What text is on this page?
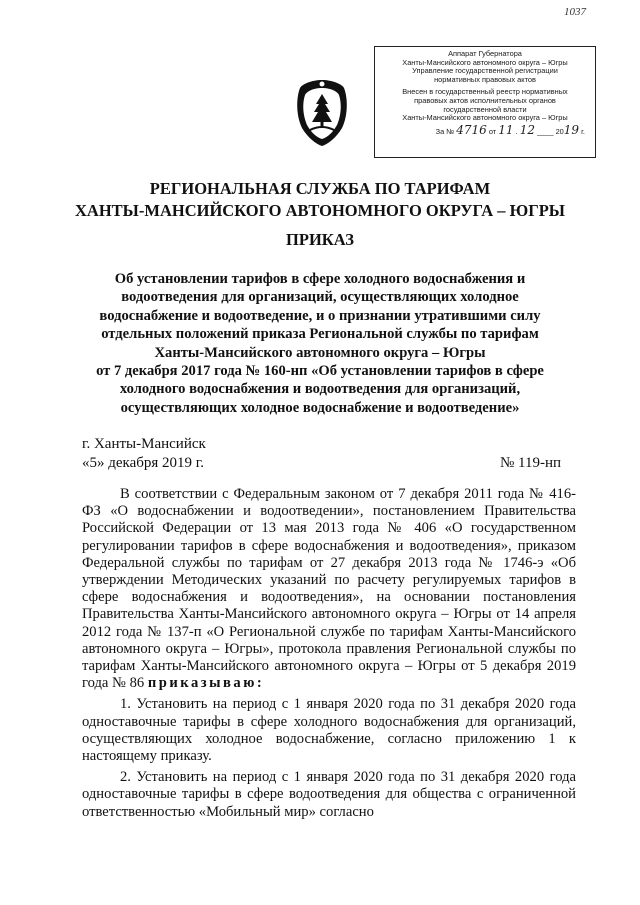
1037

Аппарат Губернатора

Ханты-Мансийского автономного округа – Югры

Управление государственной регистрации

нормативных правовых актов

Внесен в государственный реестр нормативных

правовых актов исполнительных органов

государственной власти

Ханты-Мансийского автономного округа – Югры

За № 4716 от 11 . 12 ____ 2019 г.

РЕГИОНАЛЬНАЯ СЛУЖБА ПО ТАРИФАМ
ХАНТЫ-МАНСИЙСКОГО АВТОНОМНОГО ОКРУГА – ЮГРЫ
ПРИКАЗ
Об установлении тарифов в сфере холодного водоснабжения и
водоотведения для организаций, осуществляющих холодное
водоснабжение и водоотведение, и о признании утратившими силу
отдельных положений приказа Региональной службы по тарифам
Ханты-Мансийского автономного округа – Югры
от 7 декабря 2017 года № 160-нп «Об установлении тарифов в сфере
холодного водоснабжения и водоотведения для организаций,
осуществляющих холодное водоснабжение и водоотведение»
г. Ханты-Мансийск
«5» декабря 2019 г.	№ 119-нп

В соответствии с Федеральным законом от 7 декабря 2011 года № 416-ФЗ «О водоснабжении и водоотведении», постановлением Правительства Российской Федерации от 13 мая 2013 года № 406 «О государственном регулировании тарифов в сфере водоснабжения и водоотведения», приказом Федеральной службы по тарифам от 27 декабря 2013 года № 1746-э «Об утверждении Методических указаний по расчету регулируемых тарифов в сфере водоснабжения и водоотведения», на основании постановления Правительства Ханты-Мансийского автономного округа – Югры от 14 апреля 2012 года № 137-п «О Региональной службе по тарифам Ханты-Мансийского автономного округа – Югры», протокола правления Региональной службы по тарифам Ханты-Мансийского автономного округа – Югры от 5 декабря 2019 года № 86 приказываю:

1. Установить на период с 1 января 2020 года по 31 декабря 2020 года одноставочные тарифы в сфере холодного водоснабжения для организаций, осуществляющих холодное водоснабжение, согласно приложению 1 к настоящему приказу.

2. Установить на период с 1 января 2020 года по 31 декабря 2020 года одноставочные тарифы в сфере водоотведения для общества с ограниченной ответственностью «Мобильный мир» согласно
